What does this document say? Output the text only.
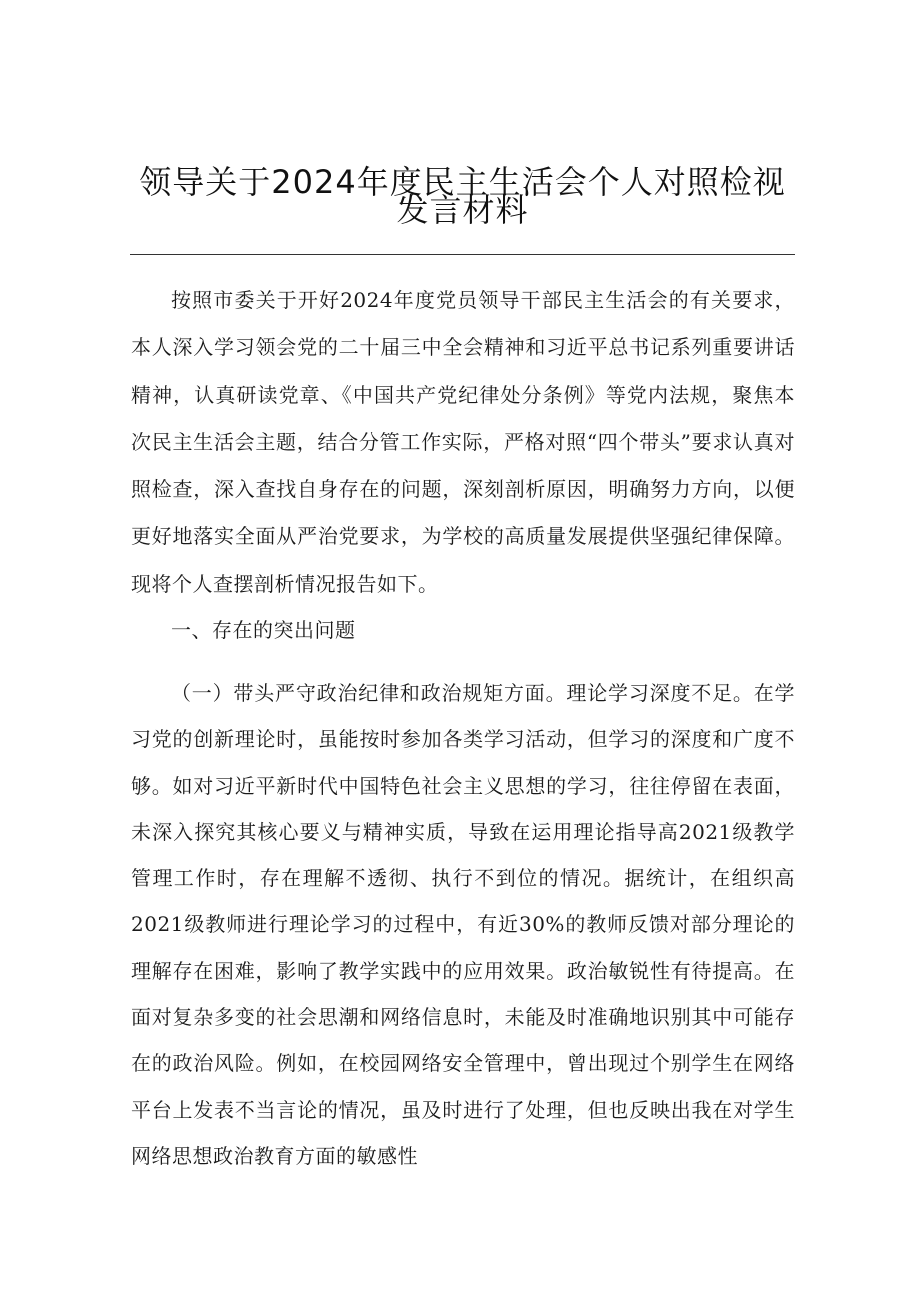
领导关于2024年度民主生活会个人对照检视
发言材料

按照市委关于开好2024年度党员领导干部民主生活会的有关要求，本人深入学习领会党的二十届三中全会精神和习近平总书记系列重要讲话精神，认真研读党章、《中国共产党纪律处分条例》等党内法规，聚焦本次民主生活会主题，结合分管工作实际，严格对照“四个带头”要求认真对照检查，深入查找自身存在的问题，深刻剖析原因，明确努力方向，以便更好地落实全面从严治党要求，为学校的高质量发展提供坚强纪律保障。现将个人查摆剖析情况报告如下。

一、存在的突出问题

（一）带头严守政治纪律和政治规矩方面。理论学习深度不足。在学习党的创新理论时，虽能按时参加各类学习活动，但学习的深度和广度不够。如对习近平新时代中国特色社会主义思想的学习，往往停留在表面，未深入探究其核心要义与精神实质，导致在运用理论指导高2021级教学管理工作时，存在理解不透彻、执行不到位的情况。据统计，在组织高2021级教师进行理论学习的过程中，有近30%的教师反馈对部分理论的理解存在困难，影响了教学实践中的应用效果。政治敏锐性有待提高。在面对复杂多变的社会思潮和网络信息时，未能及时准确地识别其中可能存在的政治风险。例如，在校园网络安全管理中，曾出现过个别学生在网络平台上发表不当言论的情况，虽及时进行了处理，但也反映出我在对学生网络思想政治教育方面的敏感性
